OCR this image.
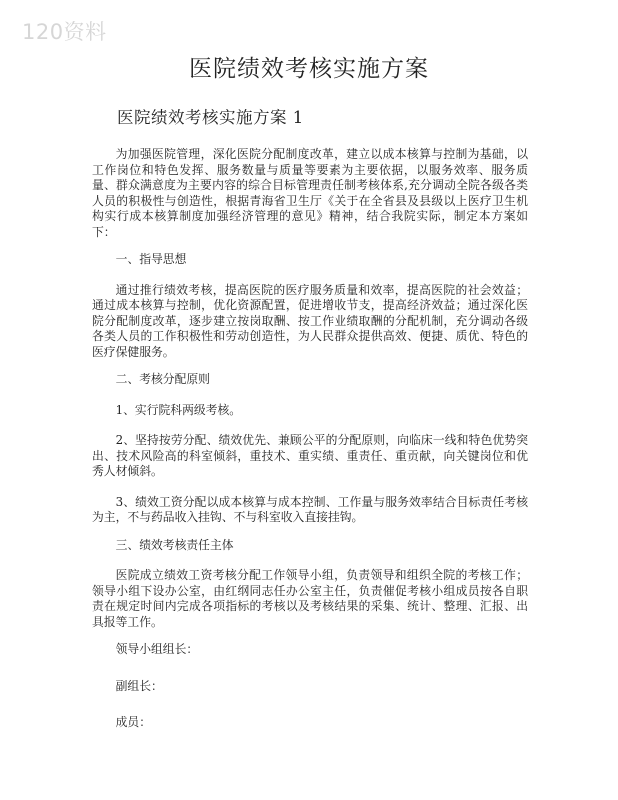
120资料
医院绩效考核实施方案
医院绩效考核实施方案 1

为加强医院管理，深化医院分配制度改革，建立以成本核算与控制为基础，以工作岗位和特色发挥、服务数量与质量等要素为主要依据，以服务效率、服务质量、群众满意度为主要内容的综合目标管理责任制考核体系,充分调动全院各级各类人员的积极性与创造性，根据青海省卫生厅《关于在全省县及县级以上医疗卫生机构实行成本核算制度加强经济管理的意见》精神，结合我院实际，制定本方案如下：

一、指导思想

通过推行绩效考核，提高医院的医疗服务质量和效率，提高医院的社会效益；通过成本核算与控制，优化资源配置，促进增收节支，提高经济效益；通过深化医院分配制度改革，逐步建立按岗取酬、按工作业绩取酬的分配机制，充分调动各级各类人员的工作积极性和劳动创造性，为人民群众提供高效、便捷、质优、特色的医疗保健服务。

二、考核分配原则

1、实行院科两级考核。

2、坚持按劳分配、绩效优先、兼顾公平的分配原则，向临床一线和特色优势突出、技术风险高的科室倾斜，重技术、重实绩、重责任、重贡献，向关键岗位和优秀人材倾斜。

3、绩效工资分配以成本核算与成本控制、工作量与服务效率结合目标责任考核为主，不与药品收入挂钩、不与科室收入直接挂钩。

三、绩效考核责任主体

医院成立绩效工资考核分配工作领导小组，负责领导和组织全院的考核工作；领导小组下设办公室，由红纲同志任办公室主任，负责催促考核小组成员按各自职责在规定时间内完成各项指标的考核以及考核结果的采集、统计、整理、汇报、出具报等工作。

领导小组组长：

副组长：

成员：
